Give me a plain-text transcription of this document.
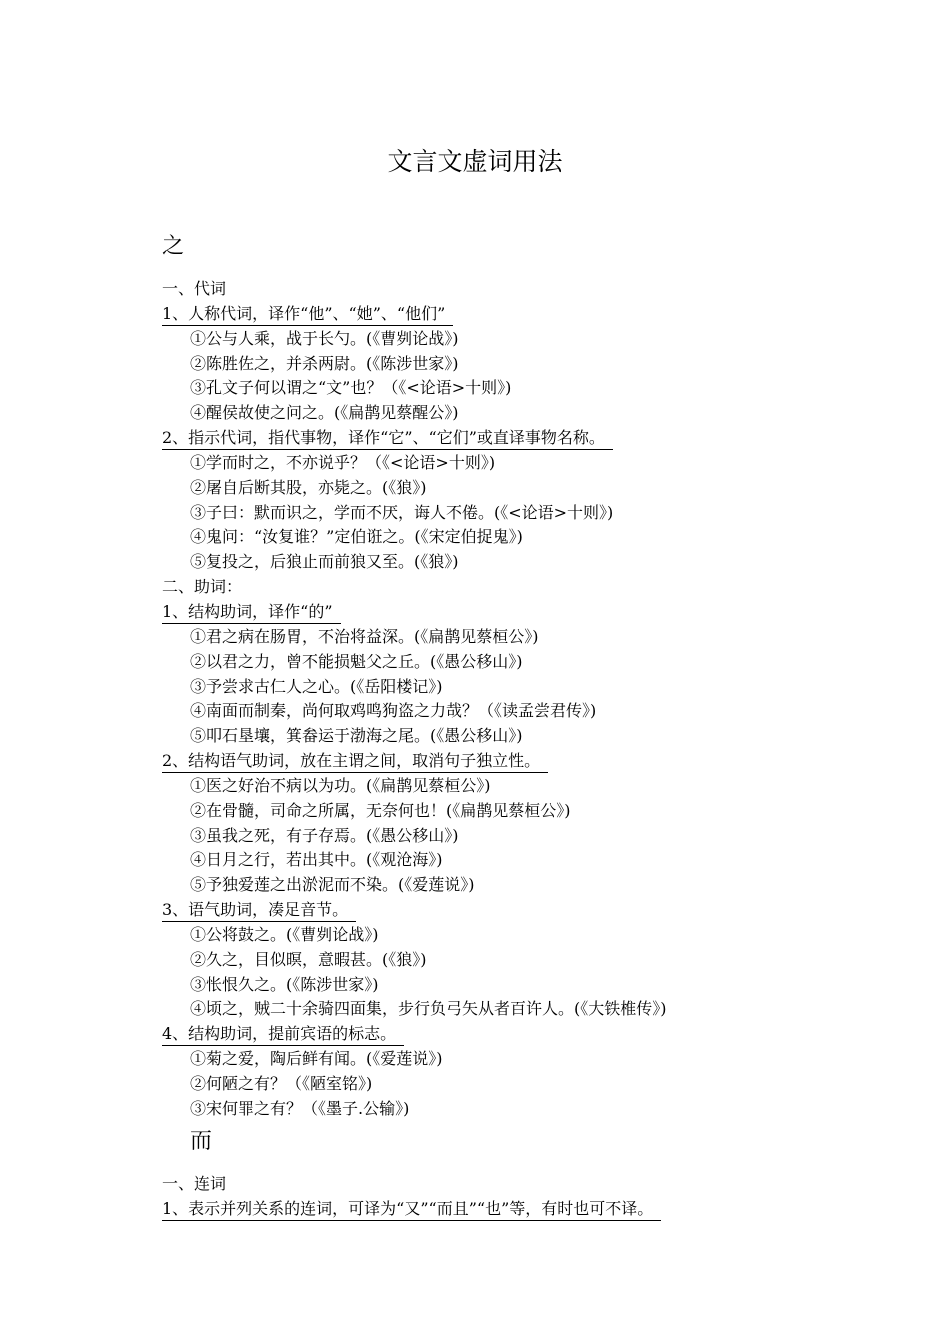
文言文虚词用法
之
一、代词
1、人称代词，译作“他”、“她”、“他们”
①公与人乘，战于长勺。(《曹刿论战》)
②陈胜佐之，并杀两尉。(《陈涉世家》)
③孔文子何以谓之“文”也？（《<论语>十则》)
④醒侯故使之问之。(《扁鹊见蔡醒公》)
2、指示代词，指代事物，译作“它”、“它们”或直译事物名称。
①学而时之，不亦说乎？（《<论语>十则》)
②屠自后断其股，亦毙之。(《狼》)
③子曰：默而识之，学而不厌，诲人不倦。(《<论语>十则》)
④鬼问：“汝复谁？”定伯诳之。(《宋定伯捉鬼》)
⑤复投之，后狼止而前狼又至。(《狼》)
二、助词：
1、结构助词，译作“的”
①君之病在肠胃，不治将益深。(《扁鹊见蔡桓公》)
②以君之力，曾不能损魁父之丘。(《愚公移山》)
③予尝求古仁人之心。(《岳阳楼记》)
④南面而制秦，尚何取鸡鸣狗盗之力哉？（《读孟尝君传》)
⑤叩石垦壤，箕畚运于渤海之尾。(《愚公移山》)
2、结构语气助词，放在主谓之间，取消句子独立性。
①医之好治不病以为功。(《扁鹊见蔡桓公》)
②在骨髓，司命之所属，无奈何也！(《扁鹊见蔡桓公》)
③虽我之死，有子存焉。(《愚公移山》)
④日月之行，若出其中。(《观沧海》)
⑤予独爱莲之出淤泥而不染。(《爱莲说》)
3、语气助词，凑足音节。
①公将鼓之。(《曹刿论战》)
②久之，目似暝，意暇甚。(《狼》)
③怅恨久之。(《陈涉世家》)
④顷之，贼二十余骑四面集，步行负弓矢从者百许人。(《大铁椎传》)
4、结构助词，提前宾语的标志。
①菊之爱，陶后鲜有闻。(《爱莲说》)
②何陋之有？（《陋室铭》)
③宋何罪之有？（《墨子.公输》)
而
一、连词
1、表示并列关系的连词，可译为“又”“而且”“也”等，有时也可不译。
